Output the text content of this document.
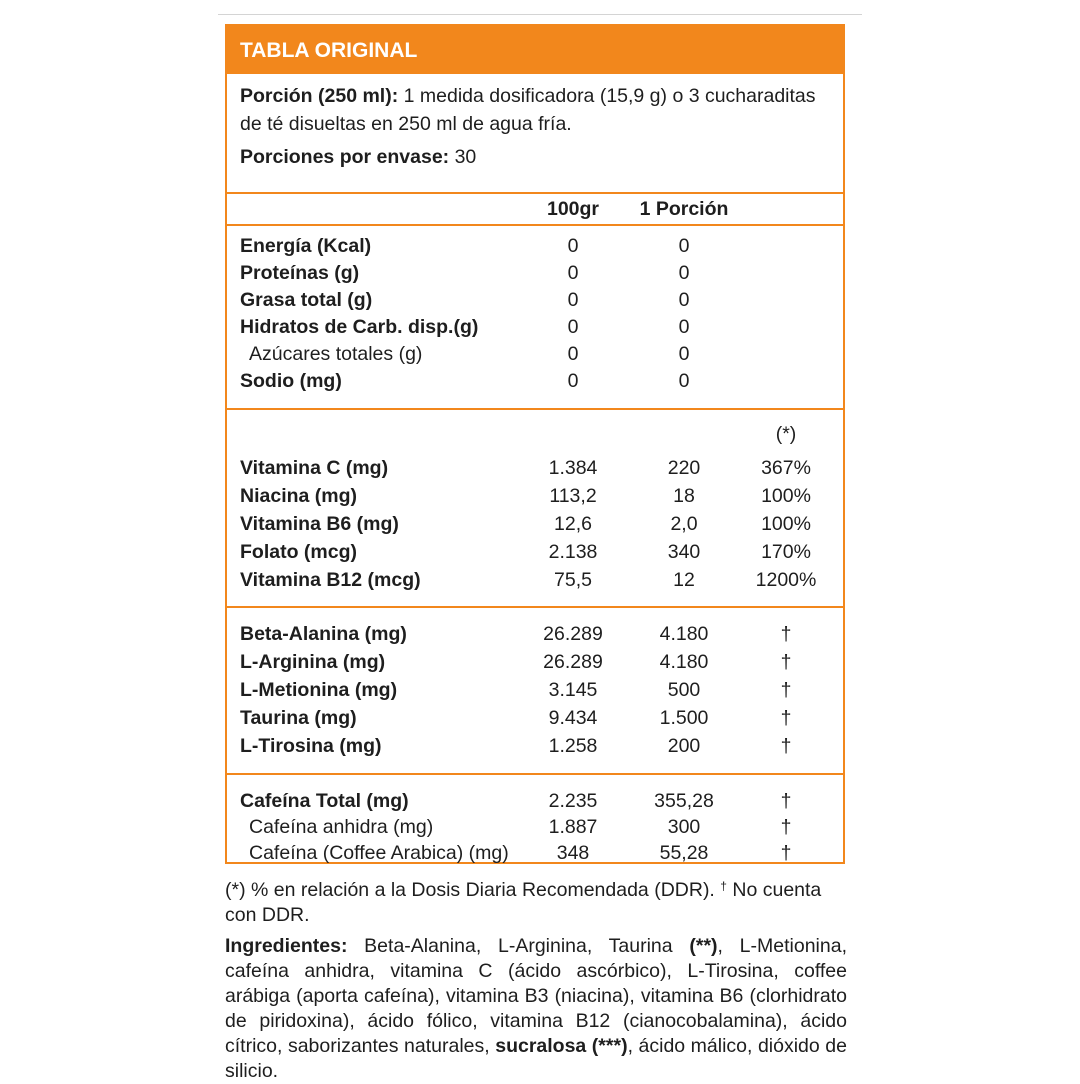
TABLA ORIGINAL
Porción (250 ml): 1 medida dosificadora (15,9 g) o 3 cucharaditas de té disueltas en 250 ml de agua fría.
Porciones por envase: 30
100gr	1 Porción
Energía (Kcal)	0	0
Proteínas (g)	0	0
Grasa total (g)	0	0
Hidratos de Carb. disp.(g)	0	0
Azúcares totales (g)	0	0
Sodio (mg)	0	0
(*)
Vitamina C (mg)	1.384	220	367%
Niacina (mg)	113,2	18	100%
Vitamina B6 (mg)	12,6	2,0	100%
Folato (mcg)	2.138	340	170%
Vitamina B12 (mcg)	75,5	12	1200%
Beta-Alanina (mg)	26.289	4.180	†
L-Arginina (mg)	26.289	4.180	†
L-Metionina (mg)	3.145	500	†
Taurina (mg)	9.434	1.500	†
L-Tirosina (mg)	1.258	200	†
Cafeína Total (mg)	2.235	355,28	†
Cafeína anhidra (mg)	1.887	300	†
Cafeína (Coffee Arabica) (mg)	348	55,28	†

(*) % en relación a la Dosis Diaria Recomendada (DDR). † No cuenta con DDR.

Ingredientes: Beta-Alanina, L-Arginina, Taurina (**), L-Metionina, cafeína anhidra, vitamina C (ácido ascórbico), L-Tirosina, coffee arábiga (aporta cafeína), vitamina B3 (niacina), vitamina B6 (clorhidrato de piridoxina), ácido fólico, vitamina B12 (cianocobalamina), ácido cítrico, saborizantes naturales, sucralosa (***), ácido málico, dióxido de silicio.
